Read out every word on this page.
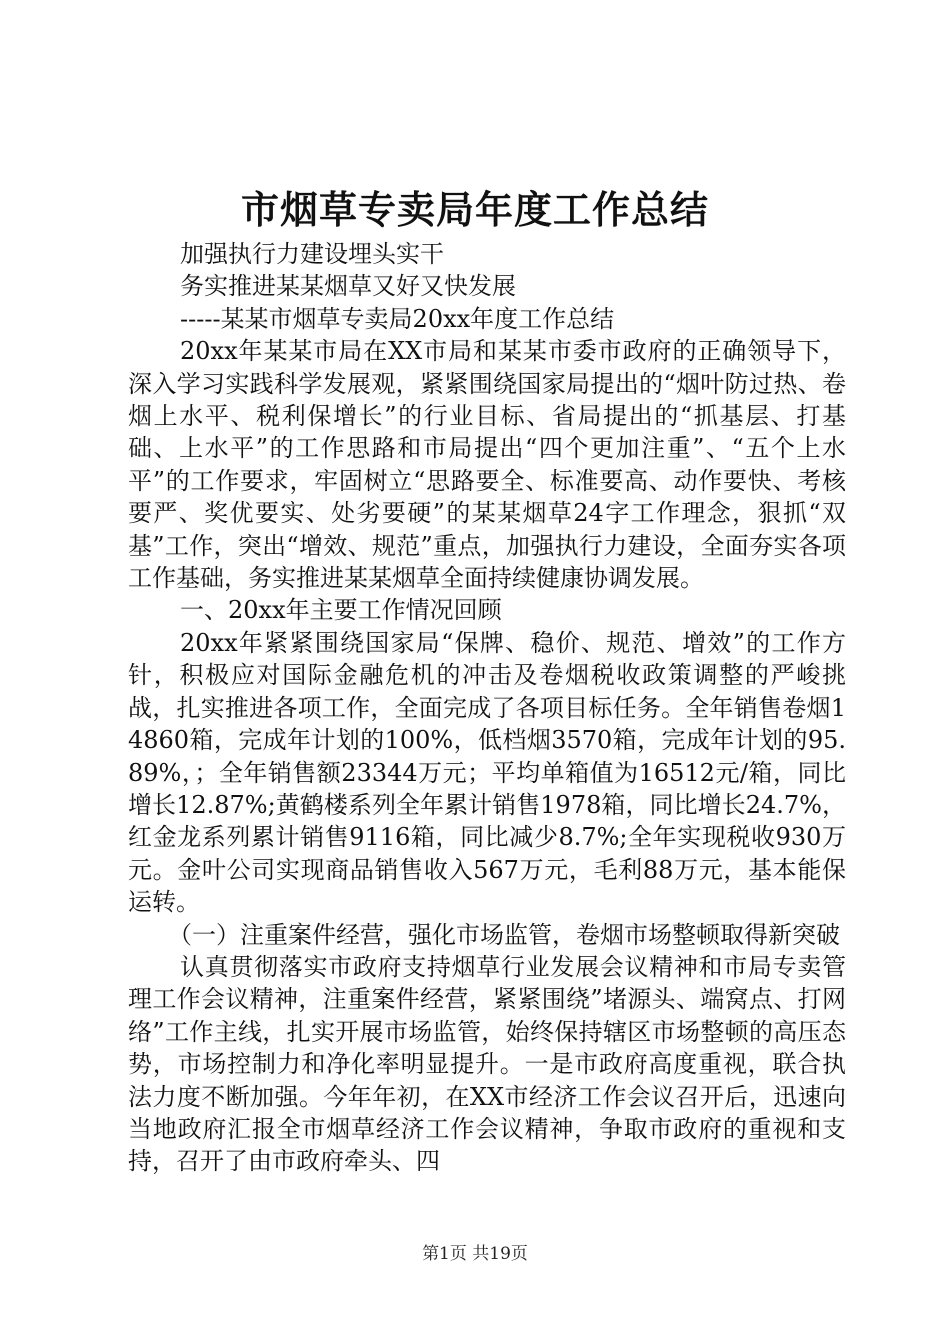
市烟草专卖局年度工作总结

加强执行力建设埋头实干

务实推进某某烟草又好又快发展

-----某某市烟草专卖局20xx年度工作总结

20xx年某某市局在XX市局和某某市委市政府的正确领导下，深入学习实践科学发展观，紧紧围绕国家局提出的“烟叶防过热、卷烟上水平、税利保增长”的行业目标、省局提出的“抓基层、打基础、上水平”的工作思路和市局提出“四个更加注重”、“五个上水平”的工作要求，牢固树立“思路要全、标准要高、动作要快、考核要严、奖优要实、处劣要硬”的某某烟草24字工作理念，狠抓“双基”工作，突出“增效、规范”重点，加强执行力建设，全面夯实各项工作基础，务实推进某某烟草全面持续健康协调发展。

一、20xx年主要工作情况回顾

20xx年紧紧围绕国家局“保牌、稳价、规范、增效”的工作方针，积极应对国际金融危机的冲击及卷烟税收政策调整的严峻挑战，扎实推进各项工作，全面完成了各项目标任务。全年销售卷烟14860箱，完成年计划的100%，低档烟3570箱，完成年计划的95.89%，；全年销售额23344万元；平均单箱值为16512元/箱，同比增长12.87%;黄鹤楼系列全年累计销售1978箱，同比增长24.7%，红金龙系列累计销售9116箱，同比减少8.7%;全年实现税收930万元。金叶公司实现商品销售收入567万元，毛利88万元，基本能保运转。

（一）注重案件经营，强化市场监管，卷烟市场整顿取得新突破

认真贯彻落实市政府支持烟草行业发展会议精神和市局专卖管理工作会议精神，注重案件经营，紧紧围绕”堵源头、端窝点、打网络”工作主线，扎实开展市场监管，始终保持辖区市场整顿的高压态势，市场控制力和净化率明显提升。一是市政府高度重视，联合执法力度不断加强。今年年初，在XX市经济工作会议召开后，迅速向当地政府汇报全市烟草经济工作会议精神，争取市政府的重视和支持，召开了由市政府牵头、四

第1页 共19页
